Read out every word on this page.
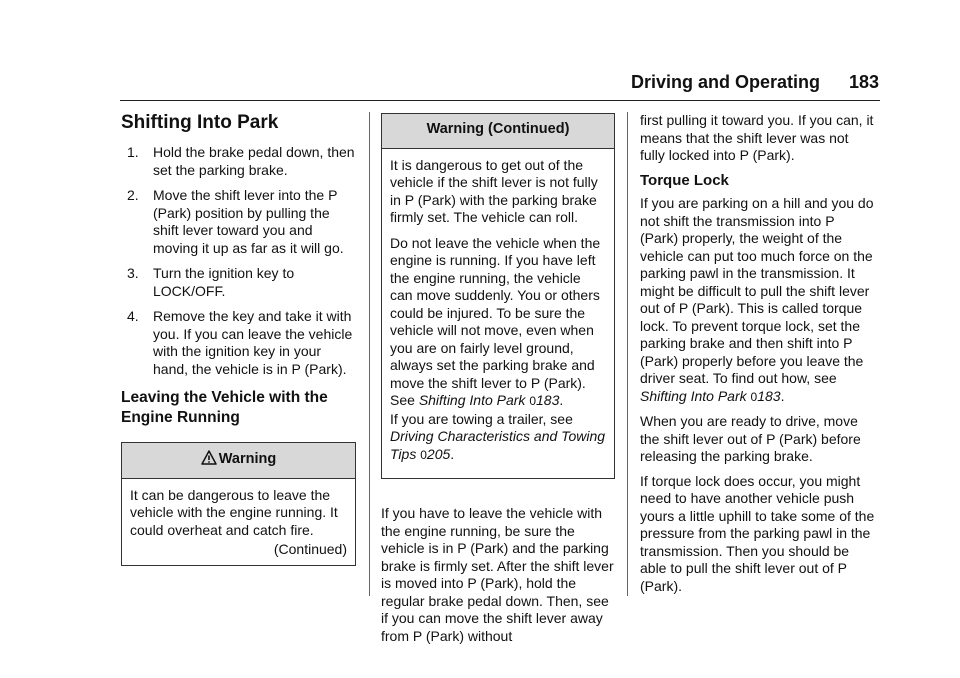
Driving and Operating	183
Shifting Into Park
1.	Hold the brake pedal down, then set the parking brake.
2.	Move the shift lever into the P (Park) position by pulling the shift lever toward you and moving it up as far as it will go.
3.	Turn the ignition key to LOCK/OFF.
4.	Remove the key and take it with you. If you can leave the vehicle with the ignition key in your hand, the vehicle is in P (Park).
Leaving the Vehicle with the Engine Running
Warning
It can be dangerous to leave the vehicle with the engine running. It could overheat and catch fire.
(Continued)
Warning (Continued)

It is dangerous to get out of the vehicle if the shift lever is not fully in P (Park) with the parking brake firmly set. The vehicle can roll.

Do not leave the vehicle when the engine is running. If you have left the engine running, the vehicle can move suddenly. You or others could be injured. To be sure the vehicle will not move, even when you are on fairly level ground, always set the parking brake and move the shift lever to P (Park). See Shifting Into Park 0183.

If you are towing a trailer, see Driving Characteristics and Towing Tips 0205.

If you have to leave the vehicle with the engine running, be sure the vehicle is in P (Park) and the parking brake is firmly set. After the shift lever is moved into P (Park), hold the regular brake pedal down. Then, see if you can move the shift lever away from P (Park) without

first pulling it toward you. If you can, it means that the shift lever was not fully locked into P (Park).

Torque Lock

If you are parking on a hill and you do not shift the transmission into P (Park) properly, the weight of the vehicle can put too much force on the parking pawl in the transmission. It might be difficult to pull the shift lever out of P (Park). This is called torque lock. To prevent torque lock, set the parking brake and then shift into P (Park) properly before you leave the driver seat. To find out how, see Shifting Into Park 0183.

When you are ready to drive, move the shift lever out of P (Park) before releasing the parking brake.

If torque lock does occur, you might need to have another vehicle push yours a little uphill to take some of the pressure from the parking pawl in the transmission. Then you should be able to pull the shift lever out of P (Park).
